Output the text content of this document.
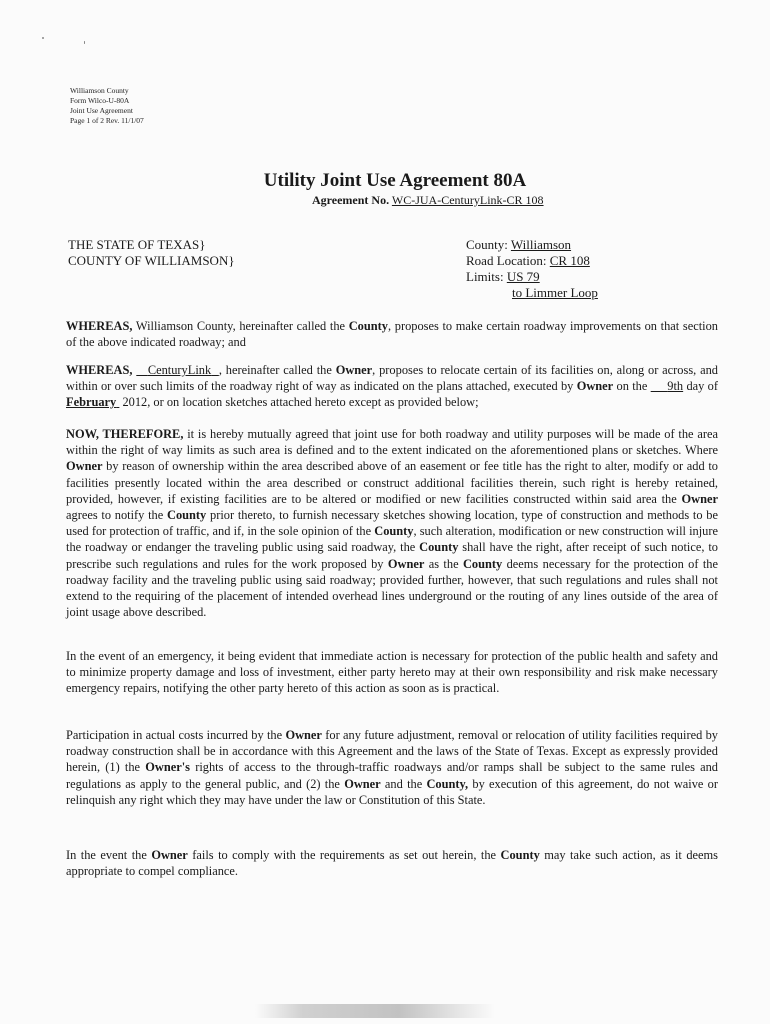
Williamson County
Form Wilco-U-80A
Joint Use Agreement
Page 1 of 2 Rev. 11/1/07
Utility Joint Use Agreement 80A
Agreement No. WC-JUA-CenturyLink-CR 108
THE STATE OF TEXAS}
COUNTY OF WILLIAMSON}
County: Williamson
Road Location: CR 108
Limits: US 79
to Limmer Loop
WHEREAS, Williamson County, hereinafter called the County, proposes to make certain roadway improvements on that section of the above indicated roadway; and
WHEREAS, CenturyLink , hereinafter called the Owner, proposes to relocate certain of its facilities on, along or across, and within or over such limits of the roadway right of way as indicated on the plans attached, executed by Owner on the      9th day of February  2012, or on location sketches attached hereto except as provided below;
NOW, THEREFORE, it is hereby mutually agreed that joint use for both roadway and utility purposes will be made of the area within the right of way limits as such area is defined and to the extent indicated on the aforementioned plans or sketches. Where Owner by reason of ownership within the area described above of an easement or fee title has the right to alter, modify or add to facilities presently located within the area described or construct additional facilities therein, such right is hereby retained, provided, however, if existing facilities are to be altered or modified or new facilities constructed within said area the Owner agrees to notify the County prior thereto, to furnish necessary sketches showing location, type of construction and methods to be used for protection of traffic, and if, in the sole opinion of the County, such alteration, modification or new construction will injure the roadway or endanger the traveling public using said roadway, the County shall have the right, after receipt of such notice, to prescribe such regulations and rules for the work proposed by Owner as the County deems necessary for the protection of the roadway facility and the traveling public using said roadway; provided further, however, that such regulations and rules shall not extend to the requiring of the placement of intended overhead lines underground or the routing of any lines outside of the area of joint usage above described.
In the event of an emergency, it being evident that immediate action is necessary for protection of the public health and safety and to minimize property damage and loss of investment, either party hereto may at their own responsibility and risk make necessary emergency repairs, notifying the other party hereto of this action as soon as is practical.
Participation in actual costs incurred by the Owner for any future adjustment, removal or relocation of utility facilities required by roadway construction shall be in accordance with this Agreement and the laws of the State of Texas. Except as expressly provided herein, (1) the Owner's rights of access to the through-traffic roadways and/or ramps shall be subject to the same rules and regulations as apply to the general public, and (2) the Owner and the County, by execution of this agreement, do not waive or relinquish any right which they may have under the law or Constitution of this State.
In the event the Owner fails to comply with the requirements as set out herein, the County may take such action, as it deems appropriate to compel compliance.
